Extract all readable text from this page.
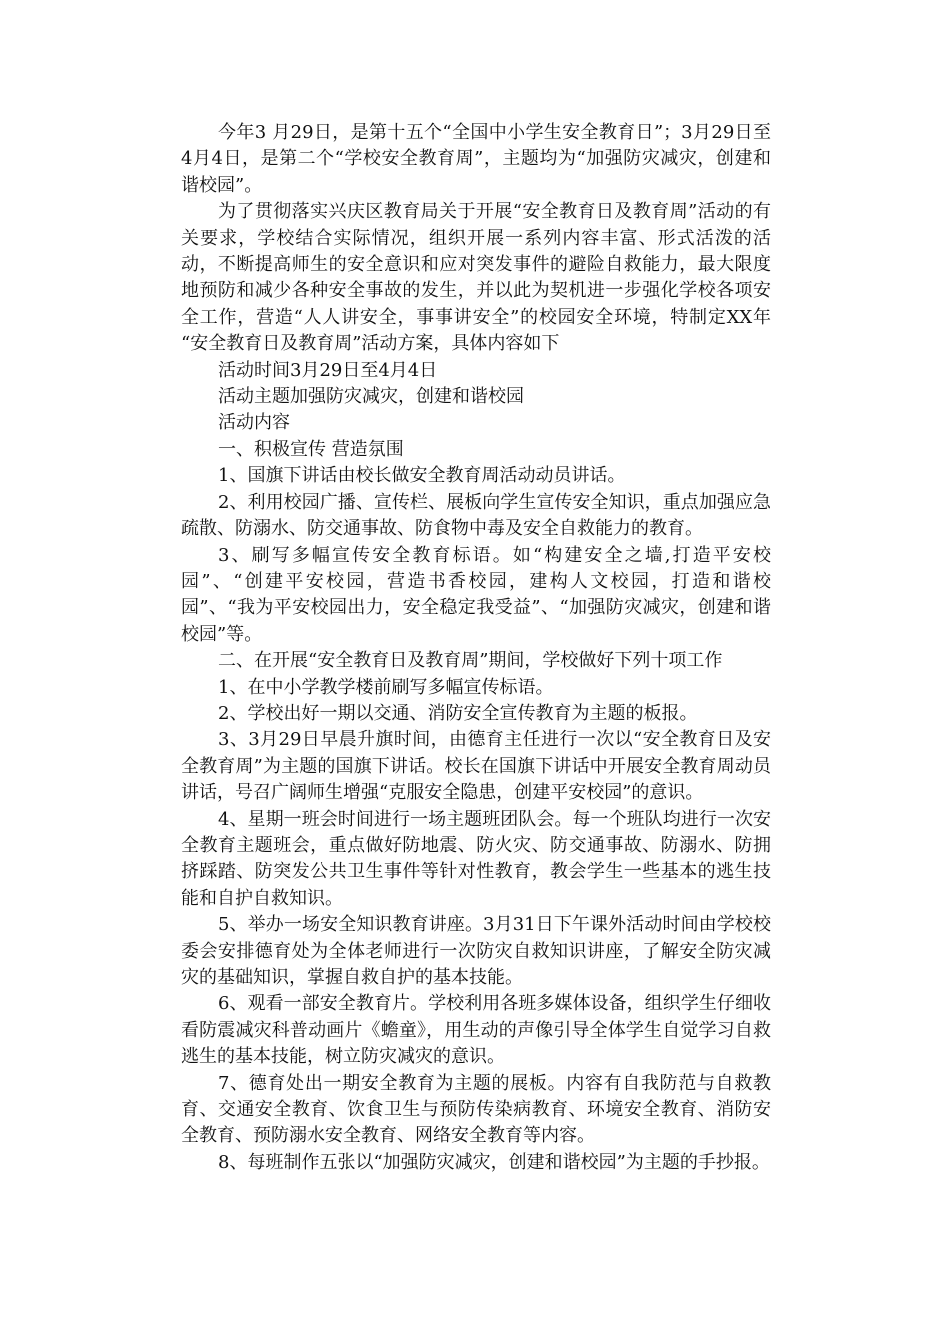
今年3 月29日，是第十五个“全国中小学生安全教育日”；3月29日至4月4日，是第二个“学校安全教育周”，主题均为“加强防灾减灾，创建和谐校园”。

为了贯彻落实兴庆区教育局关于开展“安全教育日及教育周”活动的有关要求，学校结合实际情况，组织开展一系列内容丰富、形式活泼的活动，不断提高师生的安全意识和应对突发事件的避险自救能力，最大限度地预防和减少各种安全事故的发生，并以此为契机进一步强化学校各项安全工作，营造“人人讲安全，事事讲安全”的校园安全环境，特制定XX年 “安全教育日及教育周”活动方案，具体内容如下

活动时间3月29日至4月4日

活动主题加强防灾减灾，创建和谐校园

活动内容

一、积极宣传 营造氛围

1、国旗下讲话由校长做安全教育周活动动员讲话。

2、利用校园广播、宣传栏、展板向学生宣传安全知识，重点加强应急疏散、防溺水、防交通事故、防食物中毒及安全自救能力的教育。

3、刷写多幅宣传安全教育标语。如“构建安全之墙,打造平安校园”、“创建平安校园，营造书香校园，建构人文校园，打造和谐校园”、“我为平安校园出力，安全稳定我受益”、“加强防灾减灾，创建和谐校园”等。

二、在开展“安全教育日及教育周”期间，学校做好下列十项工作

1、在中小学教学楼前刷写多幅宣传标语。

2、学校出好一期以交通、消防安全宣传教育为主题的板报。

3、3月29日早晨升旗时间，由德育主任进行一次以“安全教育日及安全教育周”为主题的国旗下讲话。校长在国旗下讲话中开展安全教育周动员讲话，号召广阔师生增强“克服安全隐患，创建平安校园”的意识。

4、星期一班会时间进行一场主题班团队会。每一个班队均进行一次安全教育主题班会，重点做好防地震、防火灾、防交通事故、防溺水、防拥挤踩踏、防突发公共卫生事件等针对性教育，教会学生一些基本的逃生技能和自护自救知识。

5、举办一场安全知识教育讲座。3月31日下午课外活动时间由学校校委会安排德育处为全体老师进行一次防灾自救知识讲座，了解安全防灾减灾的基础知识，掌握自救自护的基本技能。

6、观看一部安全教育片。学校利用各班多媒体设备，组织学生仔细收看防震减灾科普动画片《蟾童》，用生动的声像引导全体学生自觉学习自救逃生的基本技能，树立防灾减灾的意识。

7、德育处出一期安全教育为主题的展板。内容有自我防范与自救教育、交通安全教育、饮食卫生与预防传染病教育、环境安全教育、消防安全教育、预防溺水安全教育、网络安全教育等内容。

8、每班制作五张以“加强防灾减灾，创建和谐校园”为主题的手抄报。
